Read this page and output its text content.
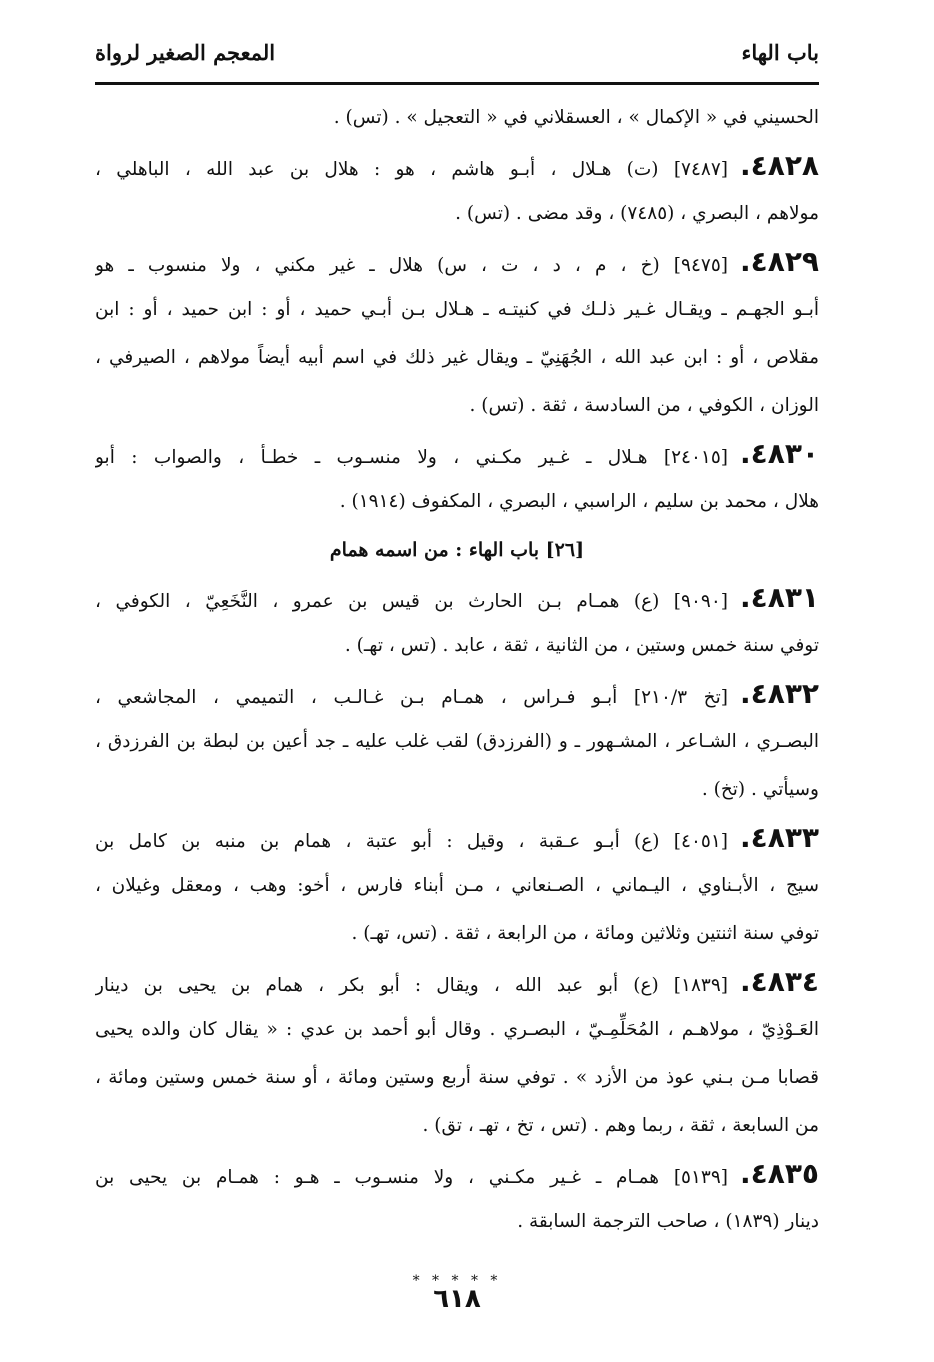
باب الهاء
المعجم الصغير لرواة
الحسيني في « الإكمال » ، العسقلاني في « التعجيل » . (تس) .
٤٨٢٨.[٧٤٨٧] (ت) هـلال ، أبـو هاشم ، هو : هلال بن عبد الله ، الباهلي ،
مولاهم ، البصري ، (٧٤٨٥) ، وقد مضى . (تس) .
٤٨٢٩.[٩٤٧٥] (خ ، م ، د ، ت ، س) هلال ـ غير مكني ، ولا منسوب ـ هو
أبـو الجهـم ـ ويقـال غـير ذلـك في كنيتـه ـ هـلال بـن أبـي حميد ، أو : ابن حميد ، أو : ابن
مقلاص ، أو : ابن عبد الله ، الجُهَنِيّ ـ ويقال غير ذلك في اسم أبيه أيضاً مولاهم ، الصيرفي ،
الوزان ، الكوفي ، من السادسة ، ثقة . (تس) .
٤٨٣٠.[٢٤٠١٥] هـلال ـ غـير مكـني ، ولا منسـوب ـ خطـأ ، والصواب : أبو
هلال ، محمد بن سليم ، الراسبي ، البصري ، المكفوف (١٩١٤) .
[٢٦] باب الهاء : من اسمه همام
٤٨٣١.[٩٠٩٠] (ع) همـام بـن الحارث بن قيس بن عمرو ، النَّخَعِيّ ، الكوفي ،
توفي سنة خمس وستين ، من الثانية ، ثقة ، عابد . (تس ، تهـ) .
٤٨٣٢.[تخ ٢١٠/٣] أبـو فـراس ، همـام بـن غـالـب ، التميمي ، المجاشعي ،
البصـري ، الشـاعر ، المشـهور ـ و (الفرزدق) لقب غلب عليه ـ جد أعين بن لبطة بن الفرزدق ،
وسيأتي . (تخ) .
٤٨٣٣.[٤٠٥١] (ع) أبـو عـقبة ، وقيل : أبو عتبة ، همام بن منبه بن كامل بن
سيج ، الأبـناوي ، اليـماني ، الصـنعاني ، مـن أبناء فارس ، أخو: وهب ، ومعقل وغيلان ،
توفي سنة اثنتين وثلاثين ومائة ، من الرابعة ، ثقة . (تس، تهـ) .
٤٨٣٤.[١٨٣٩] (ع) أبو عبد الله ، ويقال : أبو بكر ، همام بن يحيى بن دينار
العَـوْذِيّ ، مولاهـم ، المُحَلِّمِـيّ ، البصـري . وقال أبو أحمد بن عدي : « يقال كان والده يحيى
قصابا مـن بـني عوذ من الأزد » . توفي سنة أربع وستين ومائة ، أو سنة خمس وستين ومائة ،
من السابعة ، ثقة ، ربما وهم . (تس ، تخ ، تهـ ، تق) .
٤٨٣٥.[٥١٣٩] همـام ـ غـير مكـني ، ولا منسـوب ـ هـو : همـام بن يحيى بن
دينار (١٨٣٩) ، صاحب الترجمة السابقة .
* * * * *
٦١٨
